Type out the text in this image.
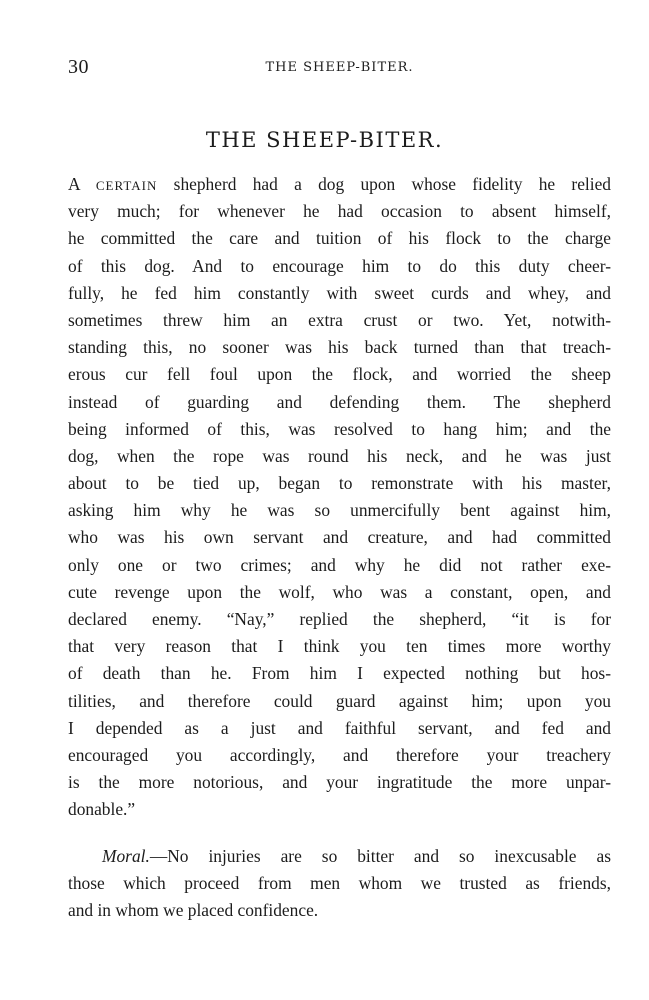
30	THE SHEEP-BITER.
THE SHEEP-BITER.
A CERTAIN shepherd had a dog upon whose fidelity he relied
very much; for whenever he had occasion to absent himself,
he committed the care and tuition of his flock to the charge
of this dog. And to encourage him to do this duty cheer-
fully, he fed him constantly with sweet curds and whey, and
sometimes threw him an extra crust or two. Yet, notwith-
standing this, no sooner was his back turned than that treach-
erous cur fell foul upon the flock, and worried the sheep
instead of guarding and defending them. The shepherd
being informed of this, was resolved to hang him; and the
dog, when the rope was round his neck, and he was just
about to be tied up, began to remonstrate with his master,
asking him why he was so unmercifully bent against him,
who was his own servant and creature, and had committed
only one or two crimes; and why he did not rather exe-
cute revenge upon the wolf, who was a constant, open, and
declared enemy. “Nay,” replied the shepherd, “it is for
that very reason that I think you ten times more worthy
of death than he. From him I expected nothing but hos-
tilities, and therefore could guard against him; upon you
I depended as a just and faithful servant, and fed and
encouraged you accordingly, and therefore your treachery
is the more notorious, and your ingratitude the more unpar-
donable.”
Moral.—No injuries are so bitter and so inexcusable as
those which proceed from men whom we trusted as friends,
and in whom we placed confidence.
